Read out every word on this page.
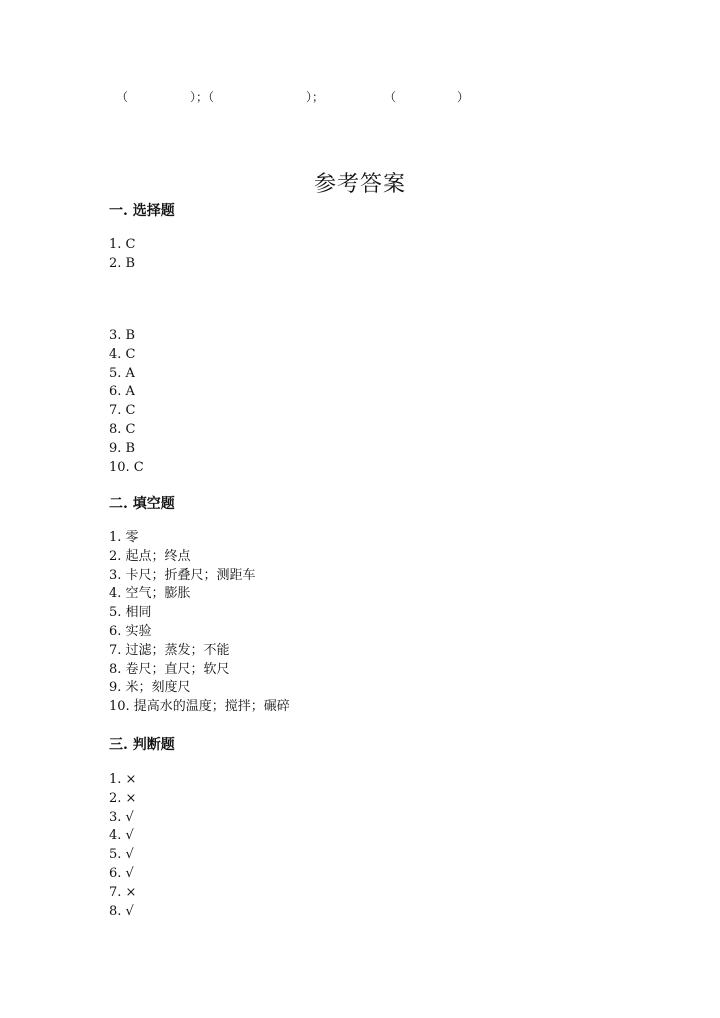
（	）；（	）；	（	）
参考答案
一. 选择题
1. C
2. B
3. B
4. C
5. A
6. A
7. C
8. C
9. B
10. C
二. 填空题
1. 零
2. 起点；终点
3. 卡尺；折叠尺；测距车
4. 空气；膨胀
5. 相同
6. 实验
7. 过滤；蒸发；不能
8. 卷尺；直尺；软尺
9. 米；刻度尺
10. 提高水的温度；搅拌；碾碎
三. 判断题
1. ×
2. ×
3. √
4. √
5. √
6. √
7. ×
8. √
